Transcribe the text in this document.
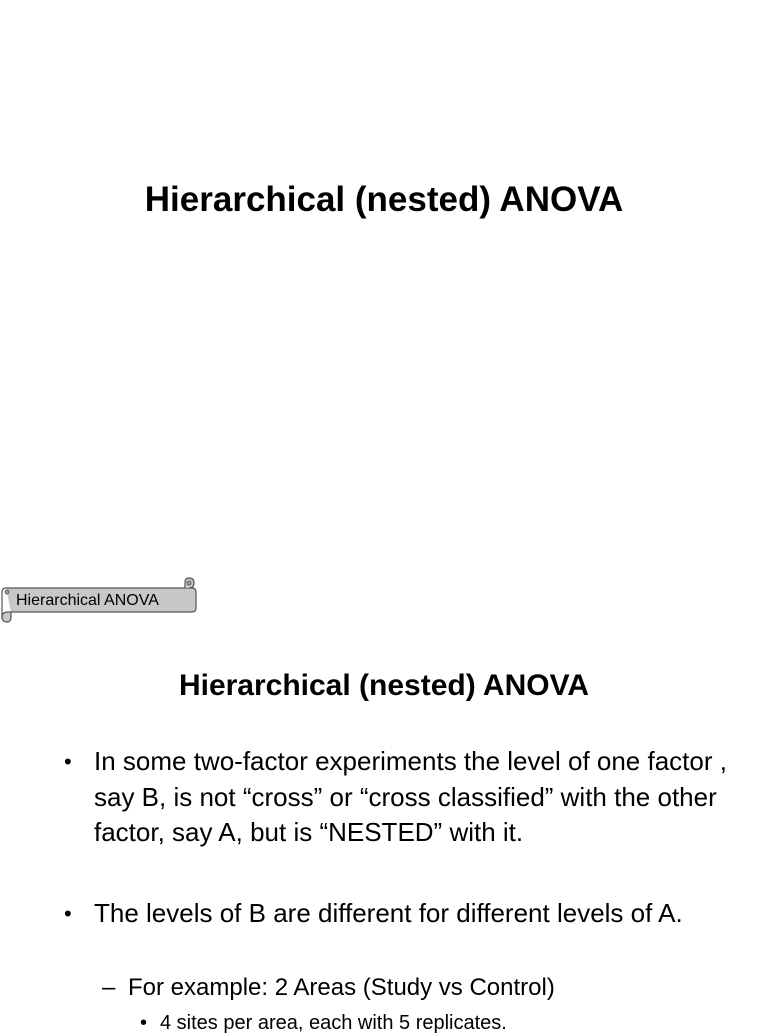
Hierarchical (nested) ANOVA
Hierarchical ANOVA
Hierarchical (nested) ANOVA
• In some two-factor experiments the level of one factor , say B, is not “cross” or “cross classified” with the other factor, say A, but is “NESTED” with it.
• The levels of B are different for different levels of A.
– For example: 2 Areas (Study vs Control)
• 4 sites per area, each with 5 replicates.
